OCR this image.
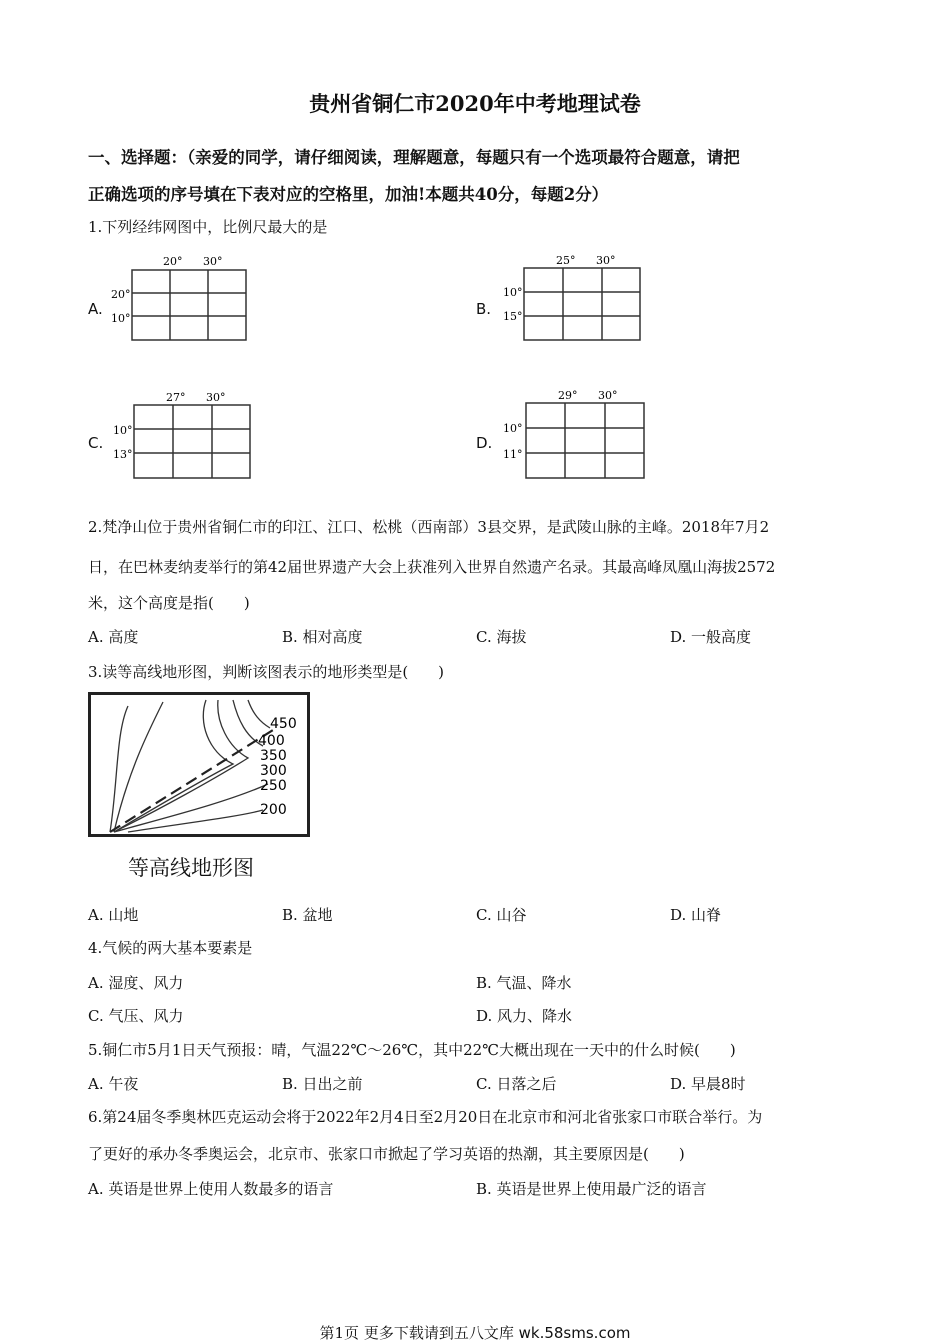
贵州省铜仁市2020年中考地理试卷
一、选择题：（亲爱的同学，请仔细阅读，理解题意，每题只有一个选项最符合题意，请把
正确选项的序号填在下表对应的空格里，加油!本题共40分，每题2分）
1.下列经纬网图中，比例尺最大的是
A.
20° 30°
20°
10°
B.
25° 30°
10°
15°
C.
27° 30°
10°
13°
D.
29° 30°
10°
11°
2.梵净山位于贵州省铜仁市的印江、江口、松桃（西南部）3县交界，是武陵山脉的主峰。2018年7月2
日，在巴林麦纳麦举行的第42届世界遗产大会上获准列入世界自然遗产名录。其最高峰凤凰山海拔2572
米，这个高度是指(　　)
A. 高度	B. 相对高度	C. 海拔	D. 一般高度
3.读等高线地形图，判断该图表示的地形类型是(　　)
450
400
350
300
250
200
等高线地形图
A. 山地	B. 盆地	C. 山谷	D. 山脊
4.气候的两大基本要素是
A. 湿度、风力	B. 气温、降水
C. 气压、风力	D. 风力、降水
5.铜仁市5月1日天气预报：晴，气温22℃～26℃，其中22℃大概出现在一天中的什么时候(　　)
A. 午夜	B. 日出之前	C. 日落之后	D. 早晨8时
6.第24届冬季奥林匹克运动会将于2022年2月4日至2月20日在北京市和河北省张家口市联合举行。为
了更好的承办冬季奥运会，北京市、张家口市掀起了学习英语的热潮，其主要原因是(　　)
A. 英语是世界上使用人数最多的语言	B. 英语是世界上使用最广泛的语言
第1页 更多下载请到五八文库 wk.58sms.com
